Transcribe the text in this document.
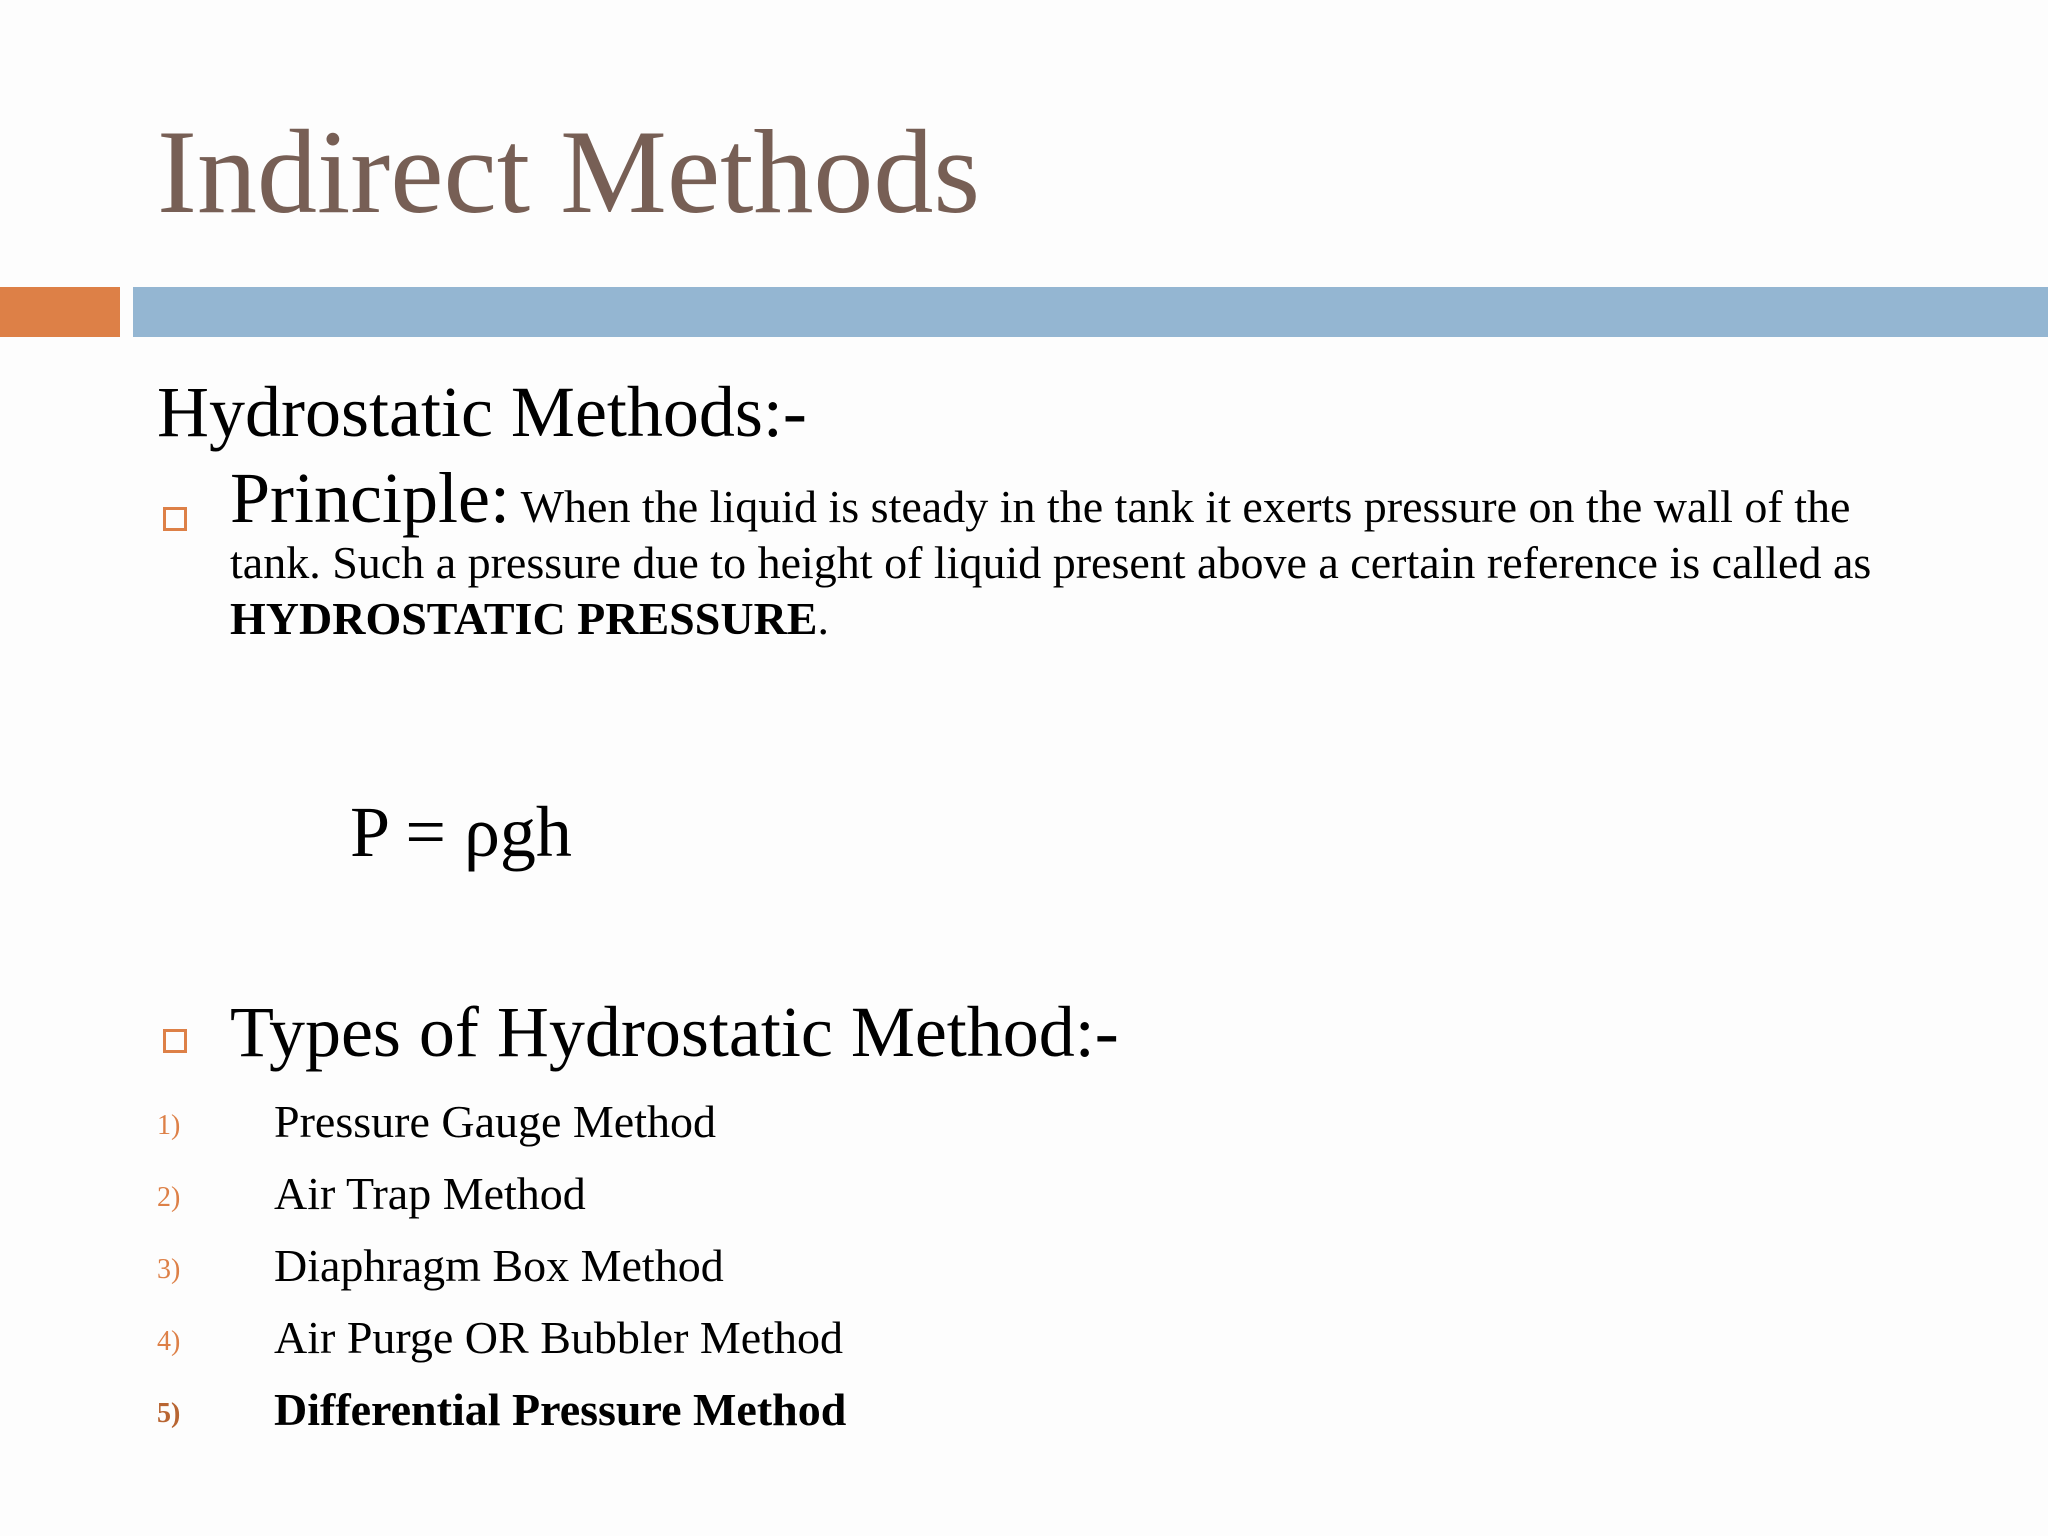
Indirect Methods
Hydrostatic Methods:-
Principle: When the liquid is steady in the tank it exerts pressure on the wall of the tank. Such a pressure due to height of liquid present above a certain reference is called as HYDROSTATIC PRESSURE.
P = ρgh
Types of Hydrostatic Method:-
1) Pressure Gauge Method
2) Air Trap Method
3) Diaphragm Box Method
4) Air Purge OR Bubbler Method
5) Differential Pressure Method
